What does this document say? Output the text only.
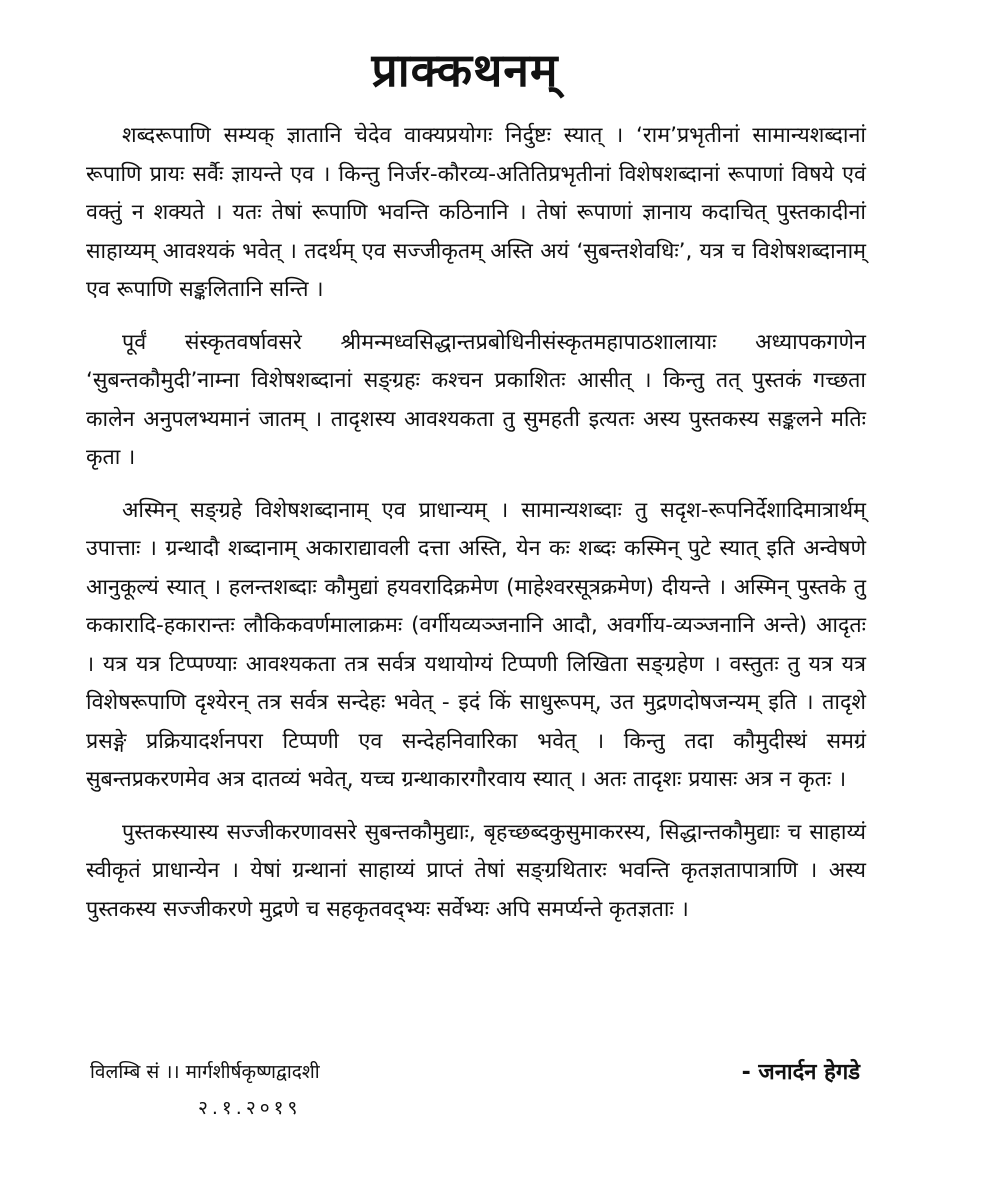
प्राक्कथनम्

शब्दरूपाणि सम्यक् ज्ञातानि चेदेव वाक्यप्रयोगः निर्दुष्टः स्यात् । ‘राम’प्रभृतीनां सामान्यशब्दानां रूपाणि प्रायः सर्वैः ज्ञायन्ते एव । किन्तु निर्जर-कौरव्य-अतितिप्रभृतीनां विशेषशब्दानां रूपाणां विषये एवं वक्तुं न शक्यते । यतः तेषां रूपाणि भवन्ति कठिनानि । तेषां रूपाणां ज्ञानाय कदाचित् पुस्तकादीनां साहाय्यम् आवश्यकं भवेत् । तदर्थम् एव सज्जीकृतम् अस्ति अयं ‘सुबन्तशेवधिः’, यत्र च विशेषशब्दानाम् एव रूपाणि सङ्कलितानि सन्ति ।

पूर्वं संस्कृतवर्षावसरे श्रीमन्मध्वसिद्धान्तप्रबोधिनीसंस्कृतमहापाठशालायाः अध्यापकगणेन ‘सुबन्तकौमुदी’नाम्ना विशेषशब्दानां सङ्ग्रहः कश्चन प्रकाशितः आसीत् । किन्तु तत् पुस्तकं गच्छता कालेन अनुपलभ्यमानं जातम् । तादृशस्य आवश्यकता तु सुमहती इत्यतः अस्य पुस्तकस्य सङ्कलने मतिः कृता ।

अस्मिन् सङ्ग्रहे विशेषशब्दानाम् एव प्राधान्यम् । सामान्यशब्दाः तु सदृश-रूपनिर्देशादिमात्रार्थम् उपात्ताः । ग्रन्थादौ शब्दानाम् अकाराद्यावली दत्ता अस्ति, येन कः शब्दः कस्मिन् पुटे स्यात् इति अन्वेषणे आनुकूल्यं स्यात् । हलन्तशब्दाः कौमुद्यां हयवरादिक्रमेण (माहेश्वरसूत्रक्रमेण) दीयन्ते । अस्मिन् पुस्तके तु ककारादि-हकारान्तः लौकिकवर्णमालाक्रमः (वर्गीयव्यञ्जनानि आदौ, अवर्गीय-व्यञ्जनानि अन्ते) आदृतः । यत्र यत्र टिप्पण्याः आवश्यकता तत्र सर्वत्र यथायोग्यं टिप्पणी लिखिता सङ्ग्रहेण । वस्तुतः तु यत्र यत्र विशेषरूपाणि दृश्येरन् तत्र सर्वत्र सन्देहः भवेत् - इदं किं साधुरूपम्, उत मुद्रणदोषजन्यम् इति । तादृशे प्रसङ्गे प्रक्रियादर्शनपरा टिप्पणी एव सन्देहनिवारिका भवेत् । किन्तु तदा कौमुदीस्थं समग्रं सुबन्तप्रकरणमेव अत्र दातव्यं भवेत्, यच्च ग्रन्थाकारगौरवाय स्यात् । अतः तादृशः प्रयासः अत्र न कृतः ।

पुस्तकस्यास्य सज्जीकरणावसरे सुबन्तकौमुद्याः, बृहच्छब्दकुसुमाकरस्य, सिद्धान्तकौमुद्याः च साहाय्यं स्वीकृतं प्राधान्येन । येषां ग्रन्थानां साहाय्यं प्राप्तं तेषां सङ्ग्रथितारः भवन्ति कृतज्ञतापात्राणि । अस्य पुस्तकस्य सज्जीकरणे मुद्रणे च सहकृतवद्भ्यः सर्वेभ्यः अपि समर्प्यन्ते कृतज्ञताः ।

विलम्बि सं ।। मार्गशीर्षकृष्णद्वादशी
२.१.२०१९
- जनार्दन हेगडे
